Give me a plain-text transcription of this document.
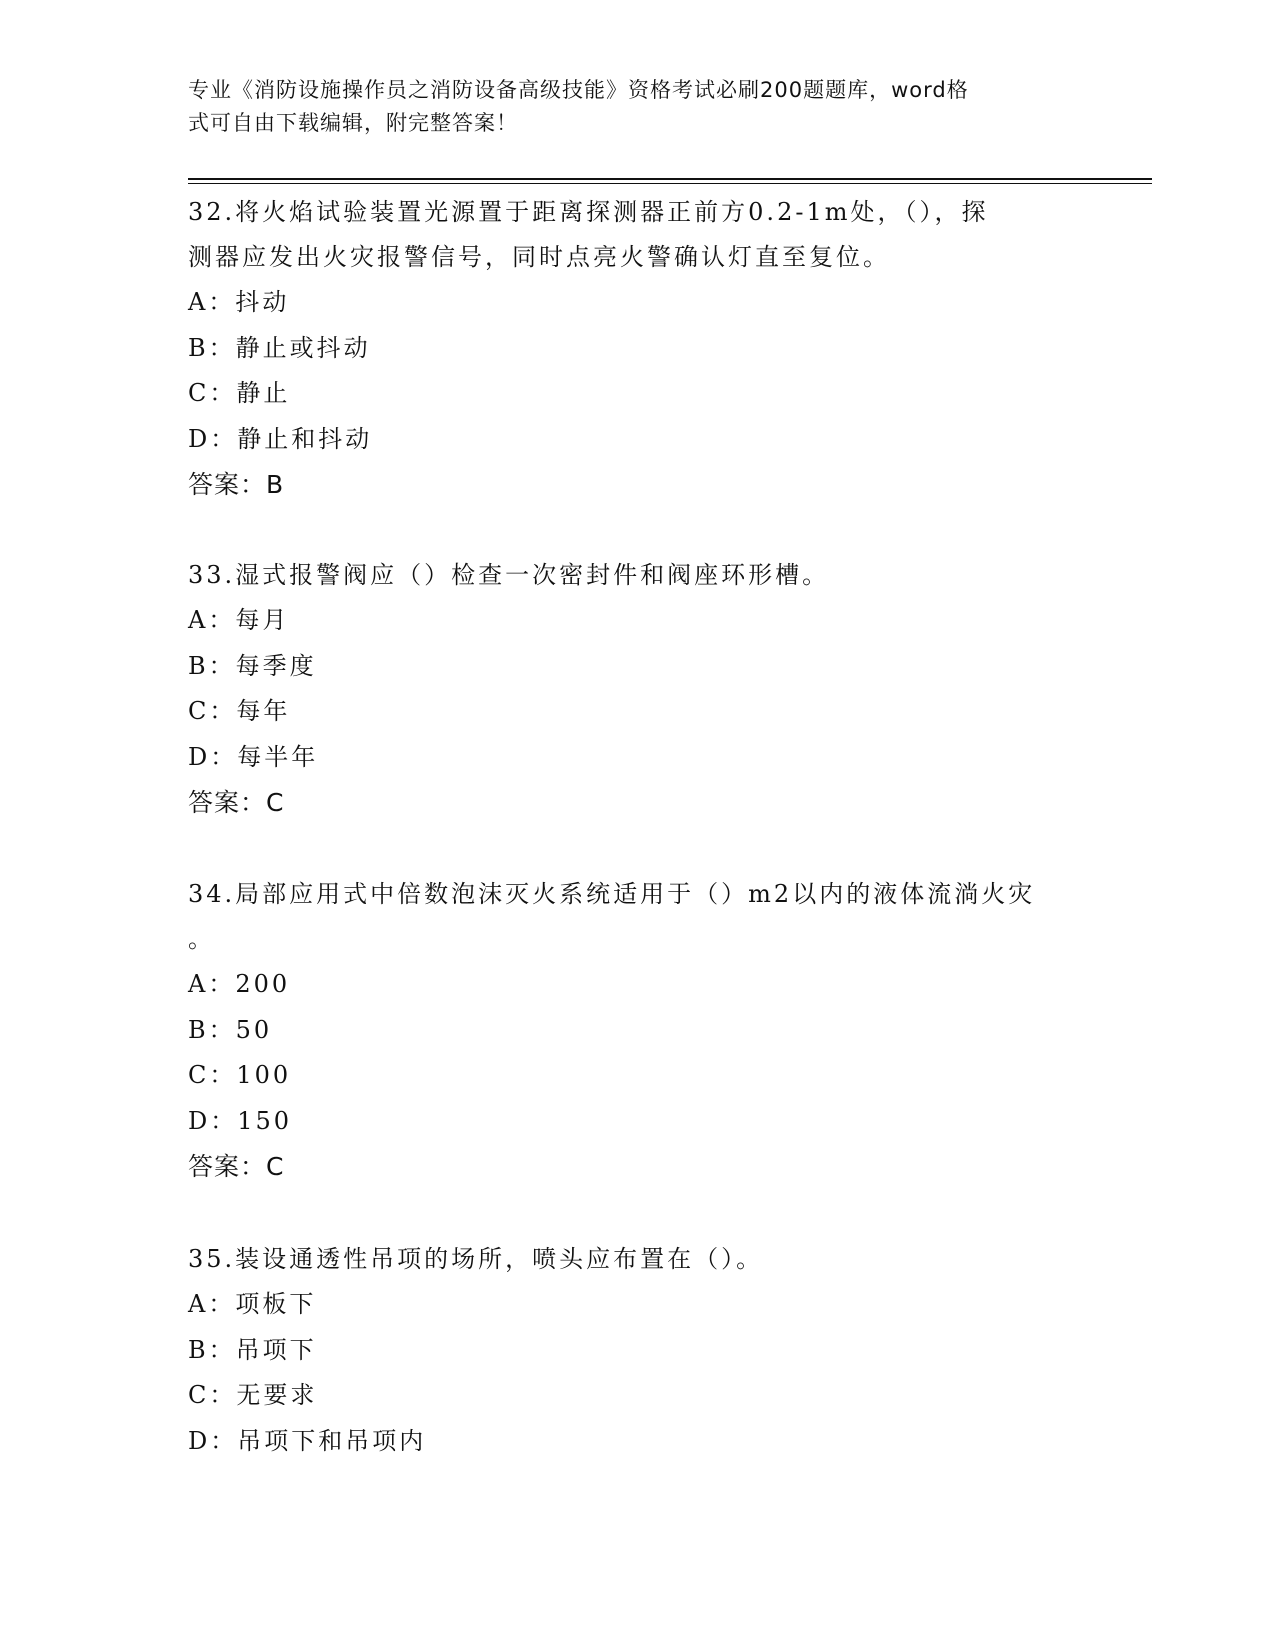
专业《消防设施操作员之消防设备高级技能》资格考试必刷200题题库，word格
式可自由下载编辑，附完整答案！
32.将火焰试验装置光源置于距离探测器正前方0.2-1m处，（），探
测器应发出火灾报警信号，同时点亮火警确认灯直至复位。
A：抖动
B：静止或抖动
C：静止
D：静止和抖动
答案：B
33.湿式报警阀应（）检查一次密封件和阀座环形槽。
A：每月
B：每季度
C：每年
D：每半年
答案：C
34.局部应用式中倍数泡沫灭火系统适用于（）m2以内的液体流淌火灾
。
A：200
B：50
C：100
D：150
答案：C
35.装设通透性吊项的场所，喷头应布置在（）。
A：项板下
B：吊项下
C：无要求
D：吊项下和吊项内
